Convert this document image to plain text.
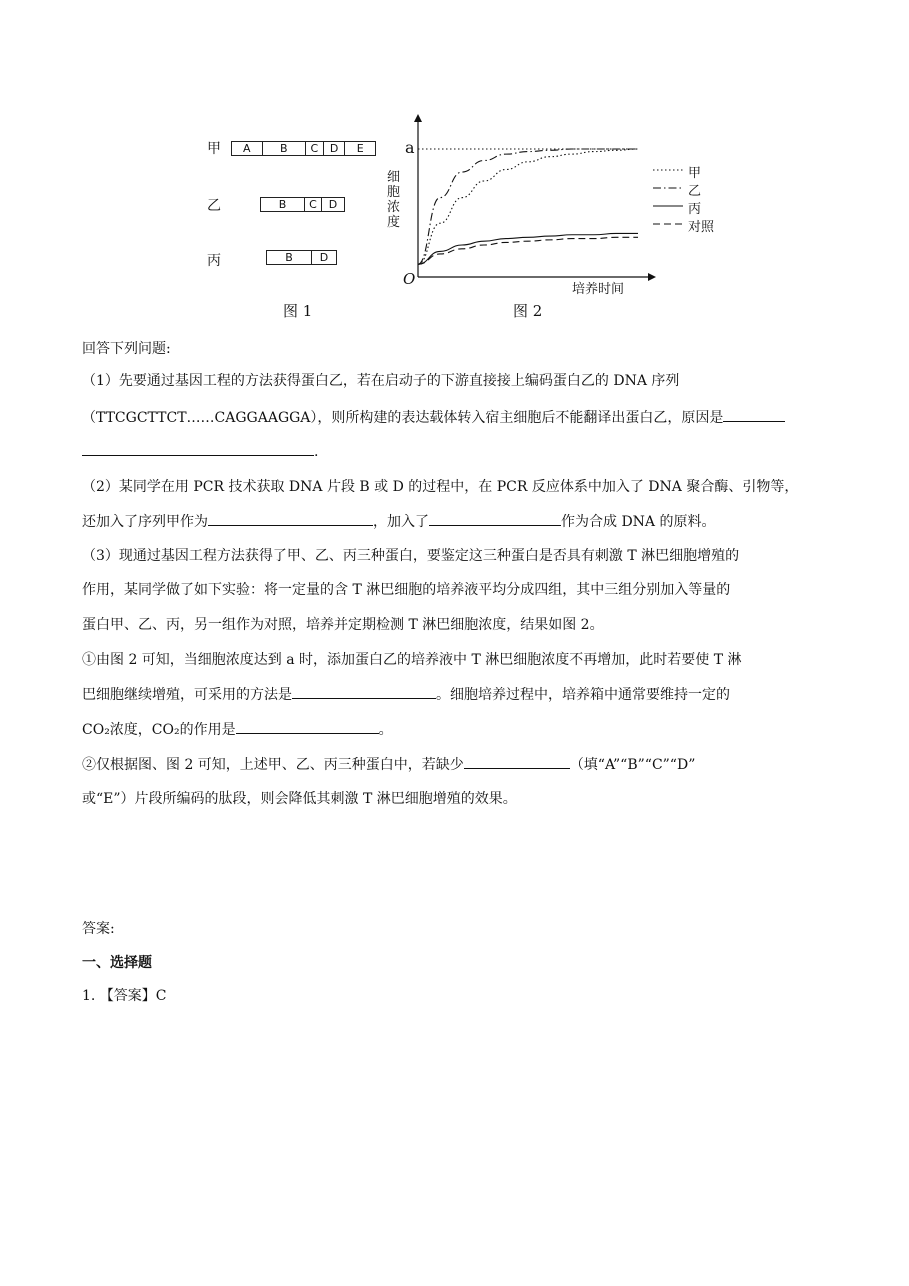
甲	A	B	C	D	E
乙	B	C	D
丙	B	D
图 1
a
细胞浓度
O
培养时间
甲
乙
丙
对照
图 2
回答下列问题:
（1）先要通过基因工程的方法获得蛋白乙，若在启动子的下游直接接上编码蛋白乙的 DNA 序列
（TTCGCTTCT……CAGGAAGGA），则所构建的表达载体转入宿主细胞后不能翻译出蛋白乙，原因是
.
（2）某同学在用 PCR 技术获取 DNA 片段 B 或 D 的过程中，在 PCR 反应体系中加入了 DNA 聚合酶、引物等，
还加入了序列甲作为	，加入了	作为合成 DNA 的原料。
（3）现通过基因工程方法获得了甲、乙、丙三种蛋白，要鉴定这三种蛋白是否具有刺激 T 淋巴细胞增殖的
作用，某同学做了如下实验：将一定量的含 T 淋巴细胞的培养液平均分成四组，其中三组分别加入等量的
蛋白甲、乙、丙，另一组作为对照，培养并定期检测 T 淋巴细胞浓度，结果如图 2。
①由图 2 可知，当细胞浓度达到 a 时，添加蛋白乙的培养液中 T 淋巴细胞浓度不再增加，此时若要使 T 淋
巴细胞继续增殖，可采用的方法是	。细胞培养过程中，培养箱中通常要维持一定的
CO₂浓度，CO₂的作用是	。
②仅根据图、图 2 可知，上述甲、乙、丙三种蛋白中，若缺少	（填“A”“B”“C”“D”
或“E”）片段所编码的肽段，则会降低其刺激 T 淋巴细胞增殖的效果。
答案:
一、选择题
1. 【答案】C
